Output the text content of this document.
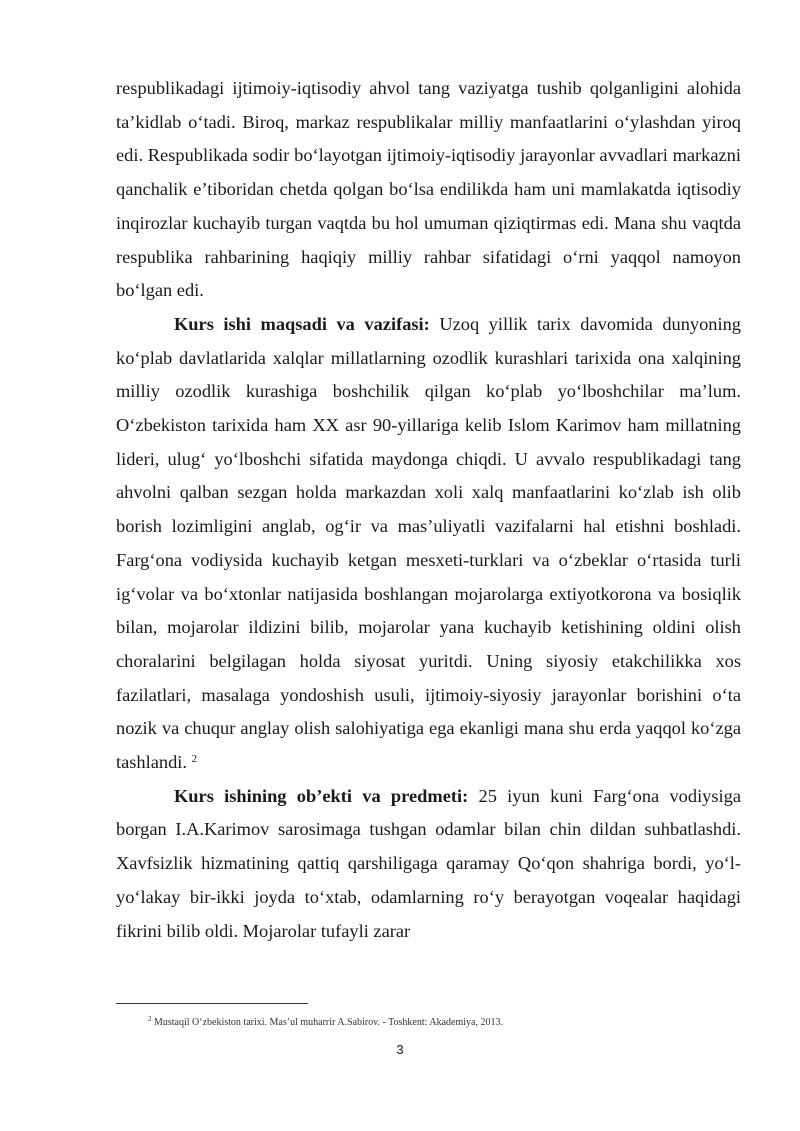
respublikadagi ijtimoiy-iqtisodiy ahvol tang vaziyatga tushib qolganligini alohida ta’kidlab o‘tadi. Biroq, markaz respublikalar milliy manfaatlarini o‘ylashdan yiroq edi. Respublikada sodir bo‘layotgan ijtimoiy-iqtisodiy jarayonlar avvadlari markazni qanchalik e’tiboridan chetda qolgan bo‘lsa endilikda ham uni mamlakatda iqtisodiy inqirozlar kuchayib turgan vaqtda bu hol umuman qiziqtirmas edi. Mana shu vaqtda respublika rahbarining haqiqiy milliy rahbar sifatidagi o‘rni yaqqol namoyon bo‘lgan edi.

Kurs ishi maqsadi va vazifasi: Uzoq yillik tarix davomida dunyoning ko‘plab davlatlarida xalqlar millatlarning ozodlik kurashlari tarixida ona xalqining milliy ozodlik kurashiga boshchilik qilgan ko‘plab yo‘lboshchilar ma’lum. O‘zbekiston tarixida ham XX asr 90-yillariga kelib Islom Karimov ham millatning lideri, ulug‘ yo‘lboshchi sifatida maydonga chiqdi. U avvalo respublikadagi tang ahvolni qalban sezgan holda markazdan xoli xalq manfaatlarini ko‘zlab ish olib borish lozimligini anglab, og‘ir va mas’uliyatli vazifalarni hal etishni boshladi. Farg‘ona vodiysida kuchayib ketgan mesxeti-turklari va o‘zbeklar o‘rtasida turli ig‘volar va bo‘xtonlar natijasida boshlangan mojarolarga extiyotkorona va bosiqlik bilan, mojarolar ildizini bilib, mojarolar yana kuchayib ketishining oldini olish choralarini belgilagan holda siyosat yuritdi. Uning siyosiy etakchilikka xos fazilatlari, masalaga yondoshish usuli, ijtimoiy-siyosiy jarayonlar borishini o‘ta nozik va chuqur anglay olish salohiyatiga ega ekanligi mana shu erda yaqqol ko‘zga tashlandi. $^2$

Kurs ishining ob’ekti va predmeti: 25 iyun kuni Farg‘ona vodiysiga borgan I.A.Karimov sarosimaga tushgan odamlar bilan chin dildan suhbatlashdi. Xavfsizlik hizmatining qattiq qarshiligaga qaramay Qo‘qon shahriga bordi, yo‘l-yo‘lakay bir-ikki joyda to‘xtab, odamlarning ro‘y berayotgan voqealar haqidagi fikrini bilib oldi. Mojarolar tufayli zarar

$^2$ Mustaqil O‘zbekiston tarixi. Mas’ul muharrir A.Sabirov. - Toshkent: Akademiya, 2013.
3
